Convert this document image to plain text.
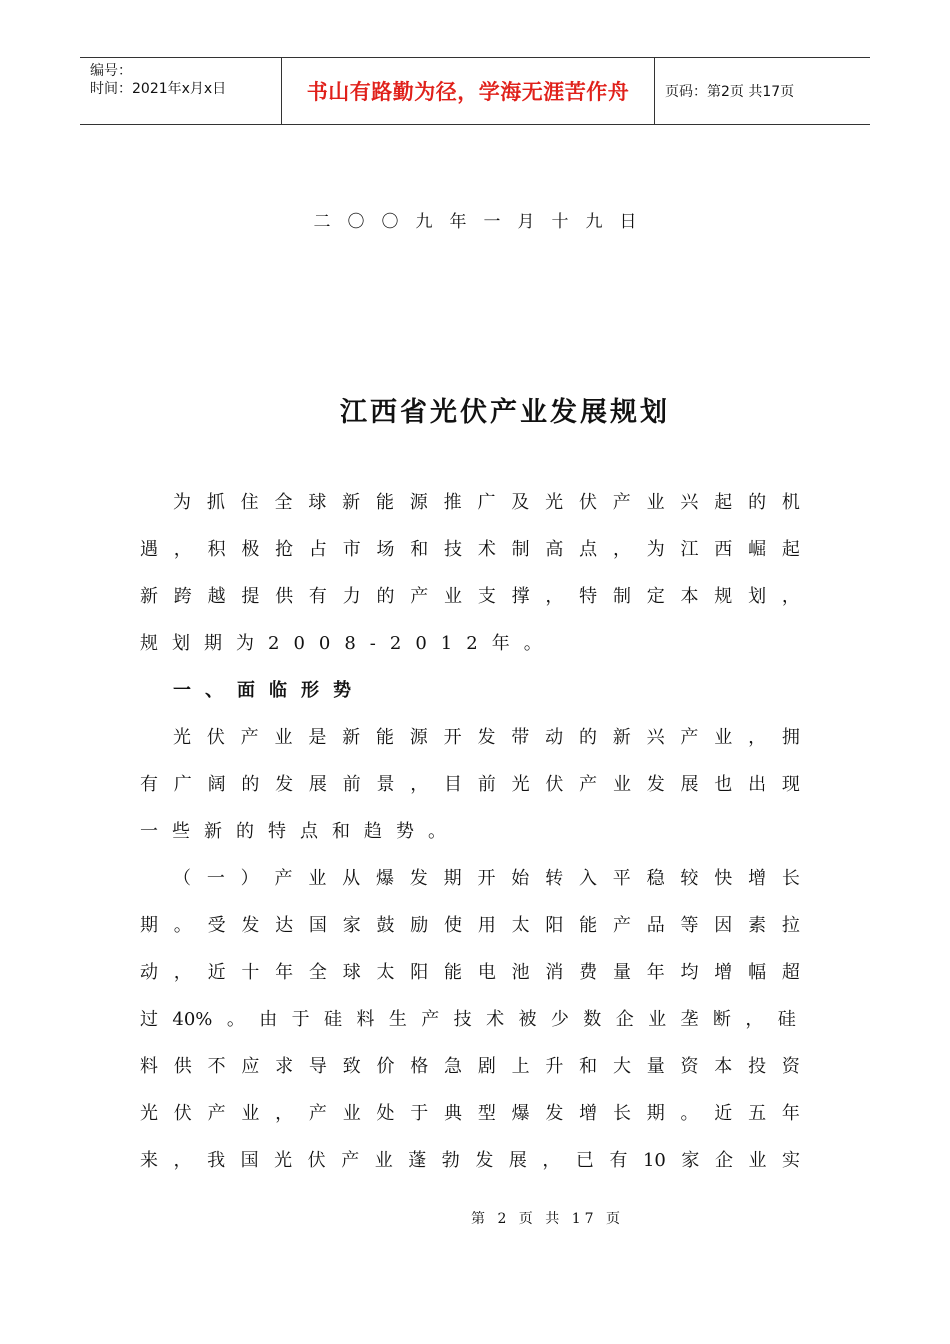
编号：
时间：2021年x月x日	书山有路勤为径，学海无涯苦作舟	页码：第2页 共17页
二〇〇九年一月十九日
江西省光伏产业发展规划
为 抓 住 全 球 新 能 源 推 广 及 光 伏 产 业 兴 起 的 机
遇 ， 积 极 抢 占 市 场 和 技 术 制 高 点 ， 为 江 西 崛 起
新 跨 越 提 供 有 力 的 产 业 支 撑 ， 特 制 定 本 规 划 ，
规划期为2008-2012年。
一、面临形势
光 伏 产 业 是 新 能 源 开 发 带 动 的 新 兴 产 业 ， 拥
有 广 阔 的 发 展 前 景 ， 目 前 光 伏 产 业 发 展 也 出 现
一些新的特点和趋势。
（ 一 ） 产 业 从 爆 发 期 开 始 转 入 平 稳 较 快 增 长
期 。 受 发 达 国 家 鼓 励 使 用 太 阳 能 产 品 等 因 素 拉
动 ， 近 十 年 全 球 太 阳 能 电 池 消 费 量 年 均 增 幅 超
过 40% 。 由 于 硅 料 生 产 技 术 被 少 数 企 业 垄 断 ， 硅
料 供 不 应 求 导 致 价 格 急 剧 上 升 和 大 量 资 本 投 资
光 伏 产 业 ， 产 业 处 于 典 型 爆 发 增 长 期 。 近 五 年
来 ， 我 国 光 伏 产 业 蓬 勃 发 展 ， 已 有 10 家 企 业 实
第 2 页 共 17 页
